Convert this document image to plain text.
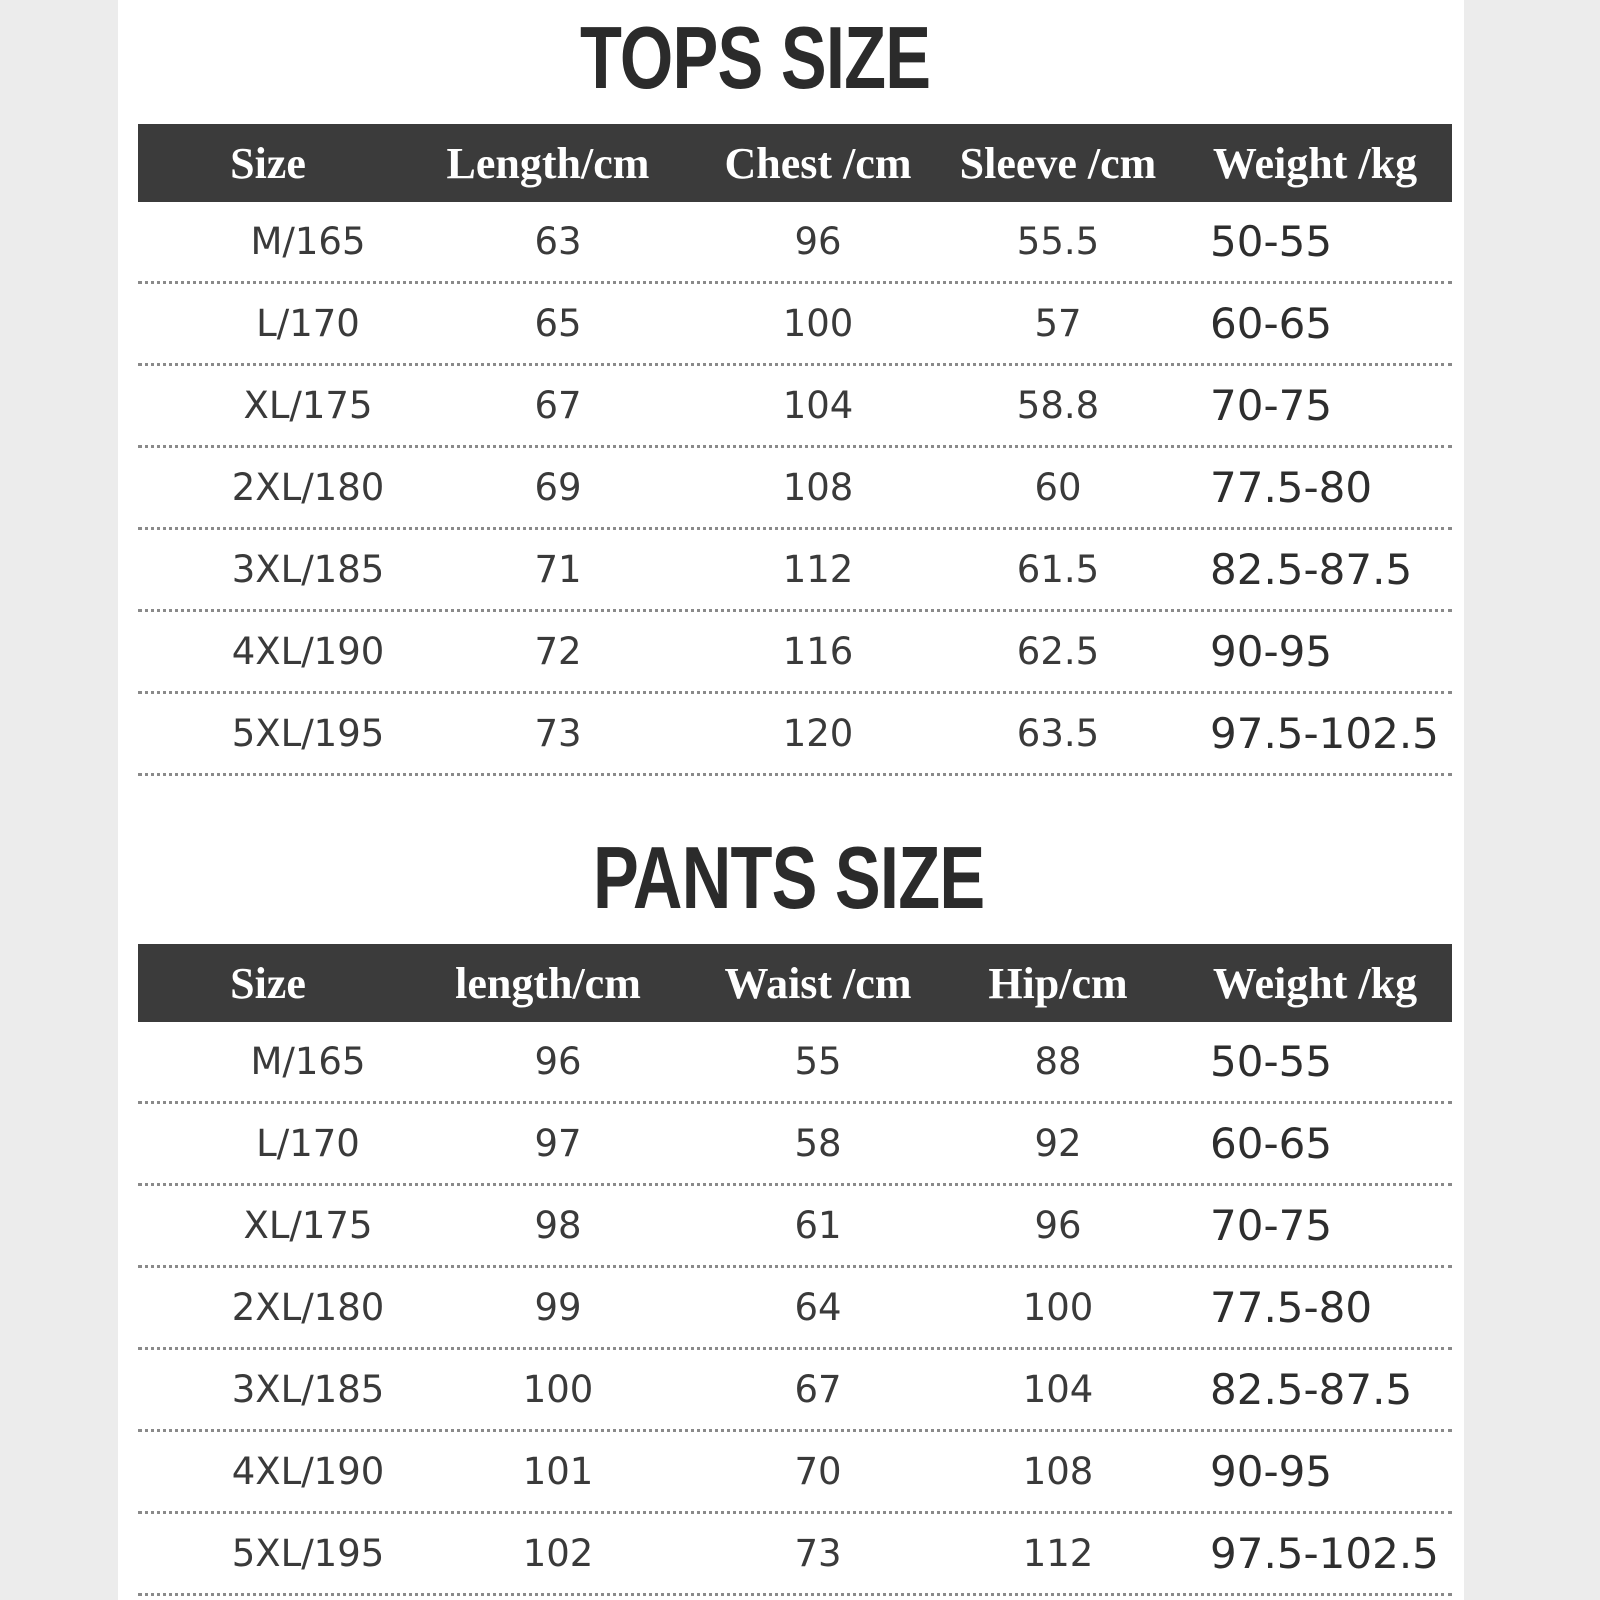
TOPS SIZE
Size	Length/cm	Chest /cm	Sleeve /cm	Weight /kg
M/165	63	96	55.5	50-55
L/170	65	100	57	60-65
XL/175	67	104	58.8	70-75
2XL/180	69	108	60	77.5-80
3XL/185	71	112	61.5	82.5-87.5
4XL/190	72	116	62.5	90-95
5XL/195	73	120	63.5	97.5-102.5
PANTS SIZE
Size	length/cm	Waist /cm	Hip/cm	Weight /kg
M/165	96	55	88	50-55
L/170	97	58	92	60-65
XL/175	98	61	96	70-75
2XL/180	99	64	100	77.5-80
3XL/185	100	67	104	82.5-87.5
4XL/190	101	70	108	90-95
5XL/195	102	73	112	97.5-102.5
